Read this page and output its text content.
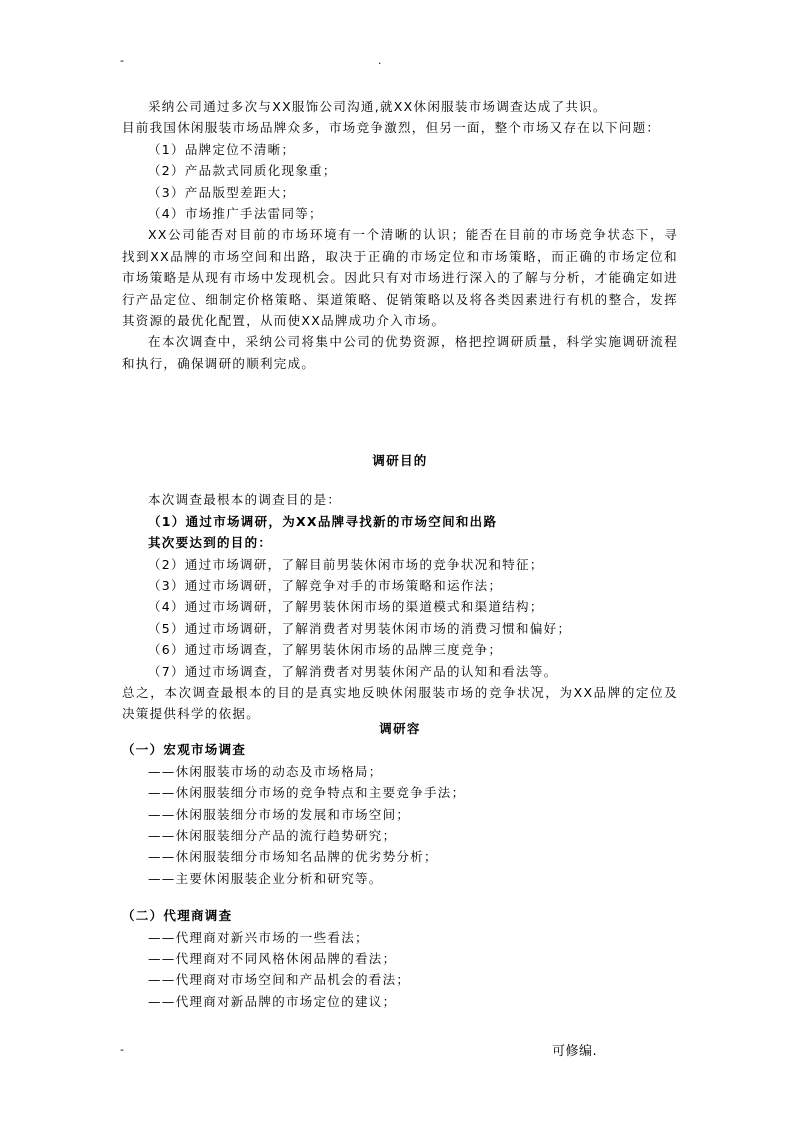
-	.

采纳公司通过多次与XX服饰公司沟通,就XX休闲服装市场调查达成了共识。

目前我国休闲服装市场品牌众多，市场竞争激烈，但另一面，整个市场又存在以下问题：

（1）品牌定位不清晰；

（2）产品款式同质化现象重；

（3）产品版型差距大；

（4）市场推广手法雷同等；

XX公司能否对目前的市场环境有一个清晰的认识；能否在目前的市场竞争状态下，寻找到XX品牌的市场空间和出路，取决于正确的市场定位和市场策略，而正确的市场定位和市场策略是从现有市场中发现机会。因此只有对市场进行深入的了解与分析，才能确定如进行产品定位、细制定价格策略、渠道策略、促销策略以及将各类因素进行有机的整合，发挥其资源的最优化配置，从而使XX品牌成功介入市场。

在本次调查中，采纳公司将集中公司的优势资源，格把控调研质量，科学实施调研流程和执行，确保调研的顺利完成。

调研目的

本次调查最根本的调查目的是：

（1）通过市场调研，为XX品牌寻找新的市场空间和出路

其次要达到的目的：

（2）通过市场调研，了解目前男装休闲市场的竞争状况和特征；

（3）通过市场调研，了解竞争对手的市场策略和运作法；

（4）通过市场调研，了解男装休闲市场的渠道模式和渠道结构；

（5）通过市场调研，了解消费者对男装休闲市场的消费习惯和偏好；

（6）通过市场调查，了解男装休闲市场的品牌三度竞争；

（7）通过市场调查，了解消费者对男装休闲产品的认知和看法等。

总之，本次调查最根本的目的是真实地反映休闲服装市场的竞争状况，为XX品牌的定位及决策提供科学的依据。

调研容

（一）宏观市场调查

——休闲服装市场的动态及市场格局；

——休闲服装细分市场的竞争特点和主要竞争手法；

——休闲服装细分市场的发展和市场空间；

——休闲服装细分产品的流行趋势研究；

——休闲服装细分市场知名品牌的优劣势分析；

——主要休闲服装企业分析和研究等。

（二）代理商调查

——代理商对新兴市场的一些看法；

——代理商对不同风格休闲品牌的看法；

——代理商对市场空间和产品机会的看法；

——代理商对新品牌的市场定位的建议；

-	可修编.
